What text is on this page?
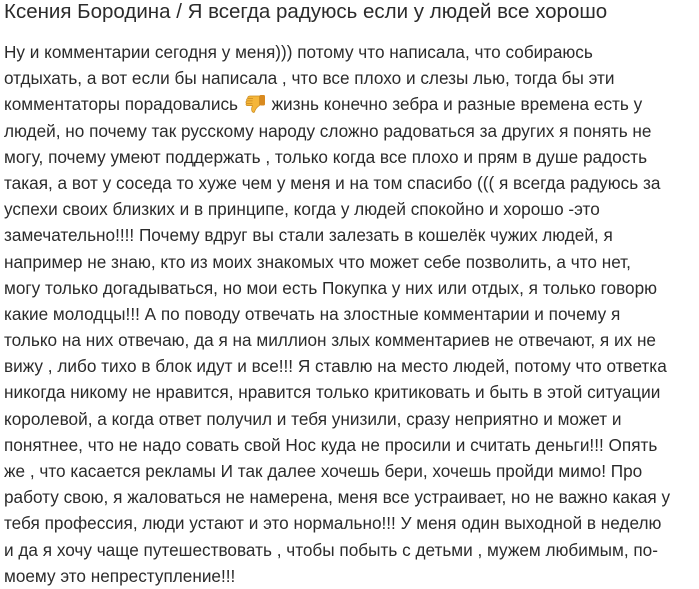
Ксения Бородина / Я всегда радуюсь если у людей все хорошо
Ну и комментарии сегодня у меня))) потому что написала, что собираюсь
отдыхать, а вот если бы написала , что все плохо и слезы лью, тогда бы эти
комментаторы порадовались жизнь конечно зебра и разные времена есть у
людей, но почему так русскому народу сложно радоваться за других я понять не
могу, почему умеют поддержать , только когда все плохо и прям в душе радость
такая, а вот у соседа то хуже чем у меня и на том спасибо ((( я всегда радуюсь за
успехи своих близких и в принципе, когда у людей спокойно и хорошо -это
замечательно!!!! Почему вдруг вы стали залезать в кошелёк чужих людей, я
например не знаю, кто из моих знакомых что может себе позволить, а что нет,
могу только догадываться, но мои есть Покупка у них или отдых, я только говорю
какие молодцы!!! А по поводу отвечать на злостные комментарии и почему я
только на них отвечаю, да я на миллион злых комментариев не отвечают, я их не
вижу , либо тихо в блок идут и все!!! Я ставлю на место людей, потому что ответка
никогда никому не нравится, нравится только критиковать и быть в этой ситуации
королевой, а когда ответ получил и тебя унизили, сразу неприятно и может и
понятнее, что не надо совать свой Нос куда не просили и считать деньги!!! Опять
же , что касается рекламы И так далее хочешь бери, хочешь пройди мимо! Про
работу свою, я жаловаться не намерена, меня все устраивает, но не важно какая у
тебя профессия, люди устают и это нормально!!! У меня один выходной в неделю
и да я хочу чаще путешествовать , чтобы побыть с детьми , мужем любимым, по-
моему это непреступление!!!
